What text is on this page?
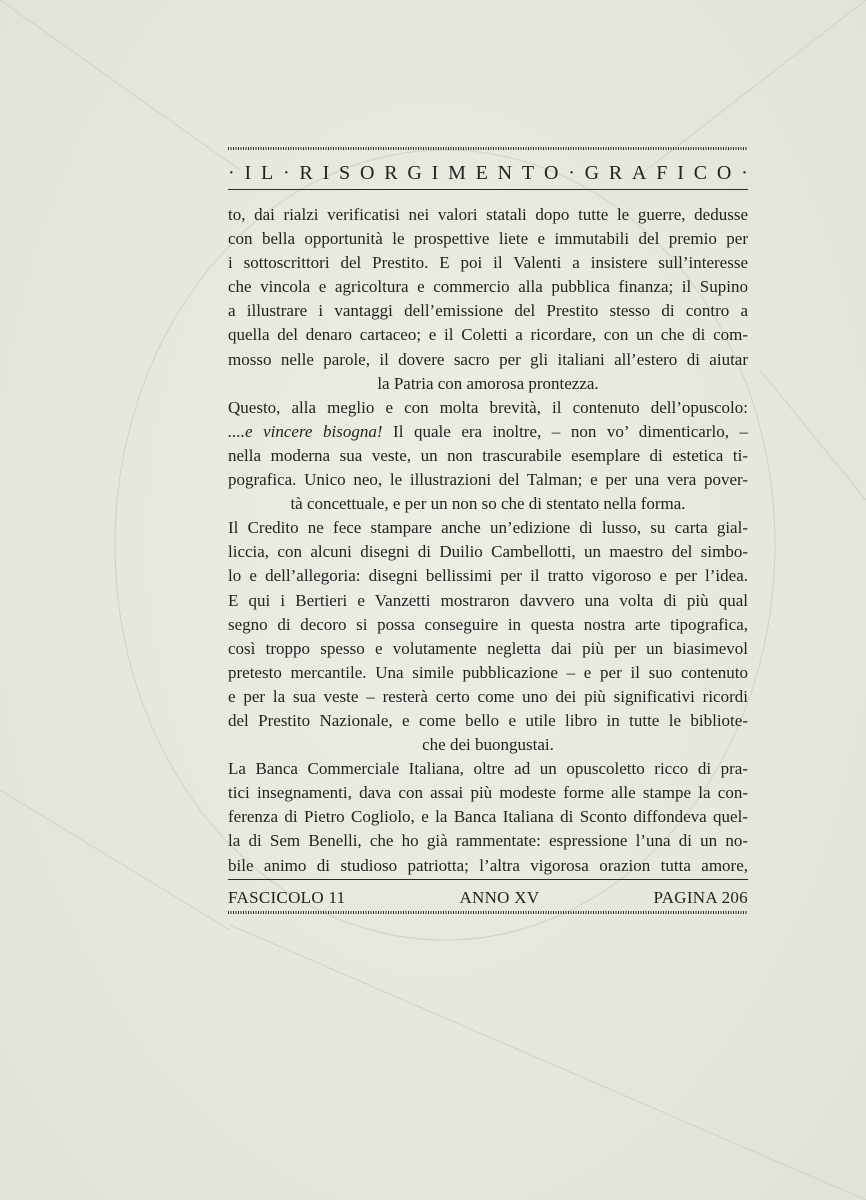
· I L · R I S O R G I M E N T O · G R A F I C O ·
to, dai rialzi verificatisi nei valori statali dopo tutte le guerre, dedusse
con bella opportunità le prospettive liete e immutabili del premio per
i sottoscrittori del Prestito. E poi il Valenti a insistere sull’interesse
che vincola e agricoltura e commercio alla pubblica finanza; il Supino
a illustrare i vantaggi dell’emissione del Prestito stesso di contro a
quella del denaro cartaceo; e il Coletti a ricordare, con un che di com-
mosso nelle parole, il dovere sacro per gli italiani all’estero di aiutar
la Patria con amorosa prontezza.
Questo, alla meglio e con molta brevità, il contenuto dell’opuscolo:
....e vincere bisogna! Il quale era inoltre, – non vo’ dimenticarlo, –
nella moderna sua veste, un non trascurabile esemplare di estetica ti-
pografica. Unico neo, le illustrazioni del Talman; e per una vera pover-
tà concettuale, e per un non so che di stentato nella forma.
Il Credito ne fece stampare anche un’edizione di lusso, su carta gial-
liccia, con alcuni disegni di Duilio Cambellotti, un maestro del simbo-
lo e dell’allegoria: disegni bellissimi per il tratto vigoroso e per l’idea.
E qui i Bertieri e Vanzetti mostraron davvero una volta di più qual
segno di decoro si possa conseguire in questa nostra arte tipografica,
così troppo spesso e volutamente negletta dai più per un biasimevol
pretesto mercantile. Una simile pubblicazione – e per il suo contenuto
e per la sua veste – resterà certo come uno dei più significativi ricordi
del Prestito Nazionale, e come bello e utile libro in tutte le bibliote-
che dei buongustai.
La Banca Commerciale Italiana, oltre ad un opuscoletto ricco di pra-
tici insegnamenti, dava con assai più modeste forme alle stampe la con-
ferenza di Pietro Cogliolo, e la Banca Italiana di Sconto diffondeva quel-
la di Sem Benelli, che ho già rammentate: espressione l’una di un no-
bile animo di studioso patriotta; l’altra vigorosa orazion tutta amore,
FASCICOLO 11	ANNO XV	PAGINA 206
